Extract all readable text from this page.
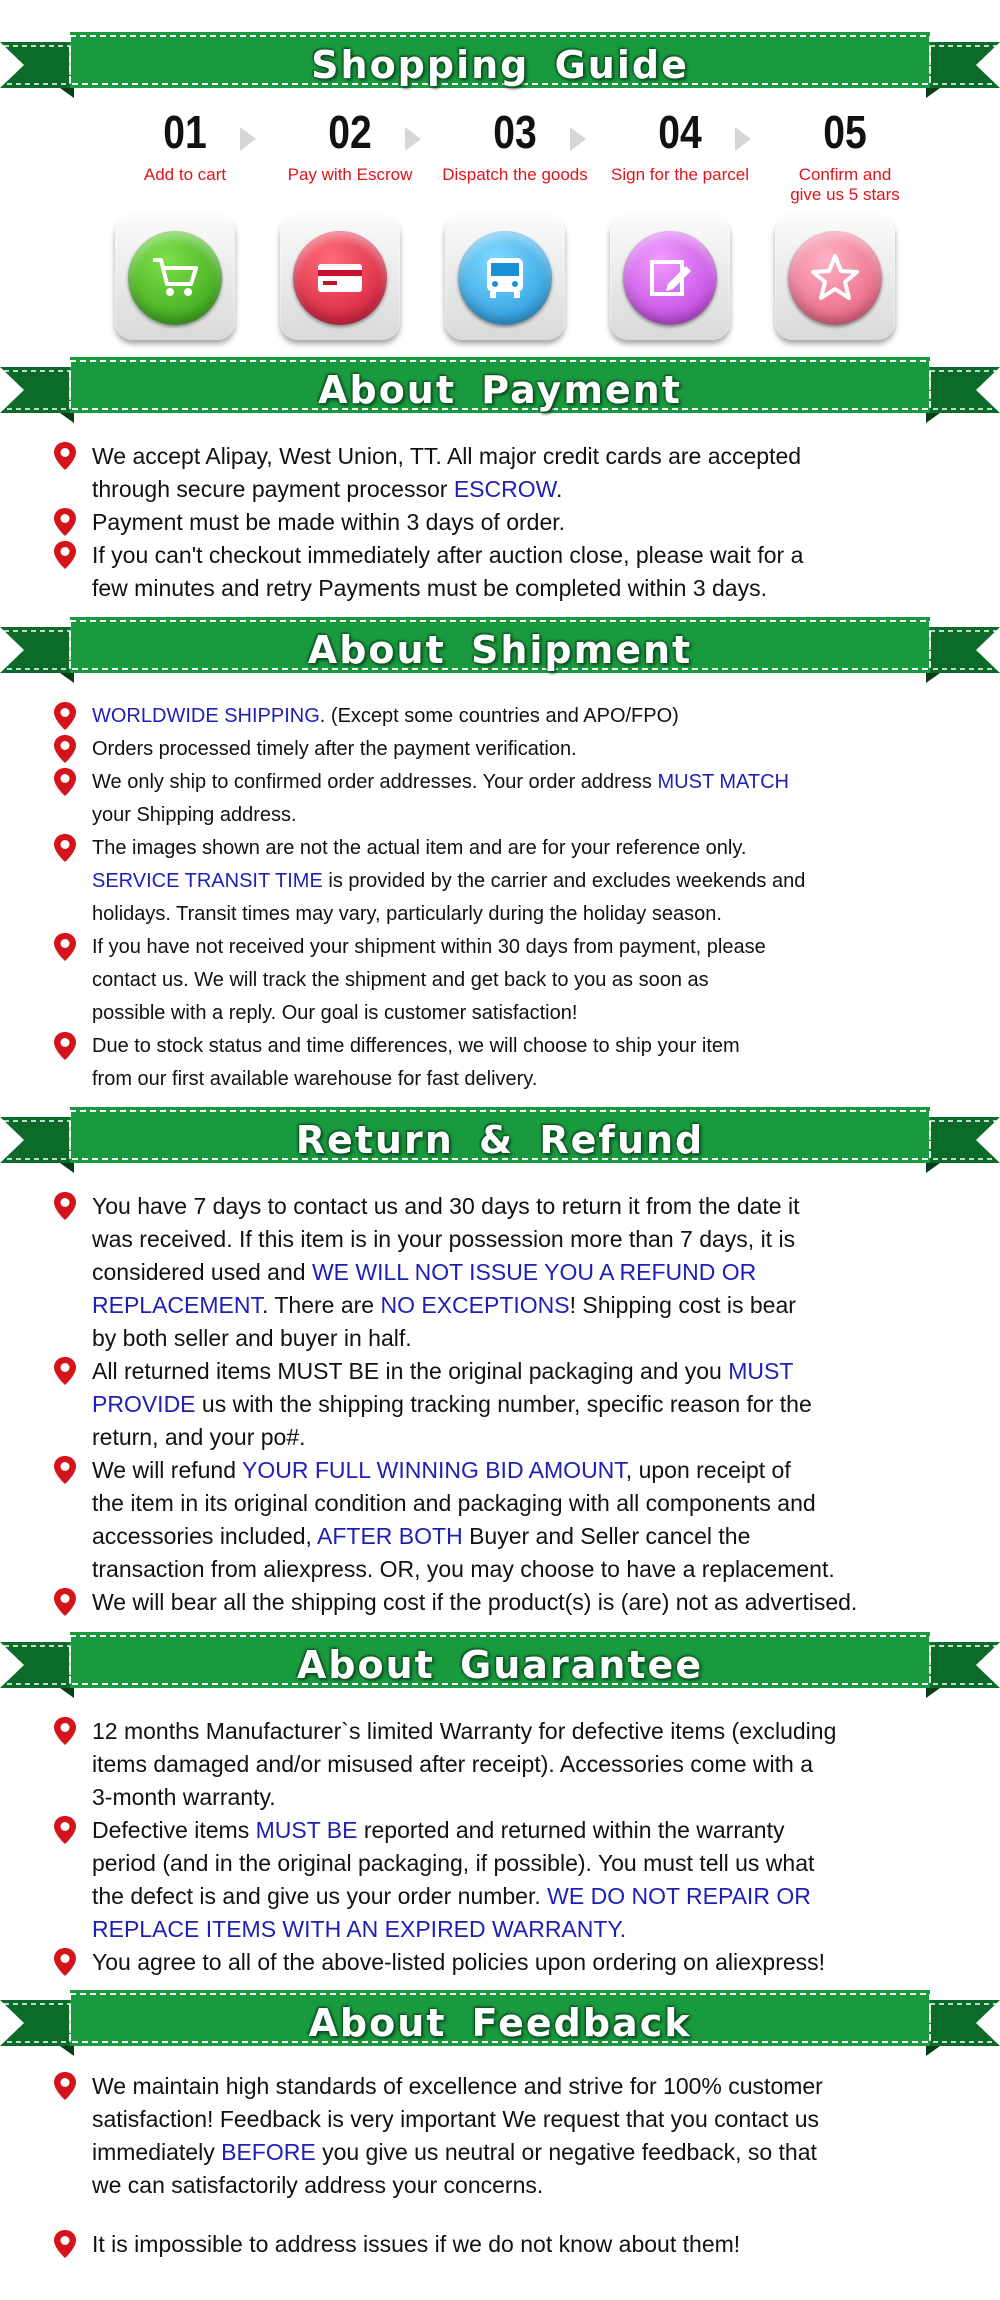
Shopping Guide
About Payment
About Shipment
Return & Refund
About Guarantee
About Feedback
01
Add to cart
02
Pay with Escrow
03
Dispatch the goods
04
Sign for the parcel
05
Confirm and
give us 5 stars
We accept Alipay, West Union, TT. All major credit cards are accepted
through secure payment processor ESCROW.
Payment must be made within 3 days of order.
If you can't checkout immediately after auction close, please wait for a
few minutes and retry Payments must be completed within 3 days.
WORLDWIDE SHIPPING. (Except some countries and APO/FPO)
Orders processed timely after the payment verification.
We only ship to confirmed order addresses. Your order address MUST MATCH
your Shipping address.
The images shown are not the actual item and are for your reference only.
SERVICE TRANSIT TIME is provided by the carrier and excludes weekends and
holidays. Transit times may vary, particularly during the holiday season.
If you have not received your shipment within 30 days from payment, please
contact us. We will track the shipment and get back to you as soon as
possible with a reply. Our goal is customer satisfaction!
Due to stock status and time differences, we will choose to ship your item
from our first available warehouse for fast delivery.
You have 7 days to contact us and 30 days to return it from the date it
was received. If this item is in your possession more than 7 days, it is
considered used and WE WILL NOT ISSUE YOU A REFUND OR
REPLACEMENT. There are NO EXCEPTIONS! Shipping cost is bear
by both seller and buyer in half.
All returned items MUST BE in the original packaging and you MUST
PROVIDE us with the shipping tracking number, specific reason for the
return, and your po#.
We will refund YOUR FULL WINNING BID AMOUNT, upon receipt of
the item in its original condition and packaging with all components and
accessories included, AFTER BOTH Buyer and Seller cancel the
transaction from aliexpress. OR, you may choose to have a replacement.
We will bear all the shipping cost if the product(s) is (are) not as advertised.
12 months Manufacturer`s limited Warranty for defective items (excluding
items damaged and/or misused after receipt). Accessories come with a
3-month warranty.
Defective items MUST BE reported and returned within the warranty
period (and in the original packaging, if possible). You must tell us what
the defect is and give us your order number. WE DO NOT REPAIR OR
REPLACE ITEMS WITH AN EXPIRED WARRANTY.
You agree to all of the above-listed policies upon ordering on aliexpress!
We maintain high standards of excellence and strive for 100% customer
satisfaction! Feedback is very important We request that you contact us
immediately BEFORE you give us neutral or negative feedback, so that
we can satisfactorily address your concerns.
It is impossible to address issues if we do not know about them!
